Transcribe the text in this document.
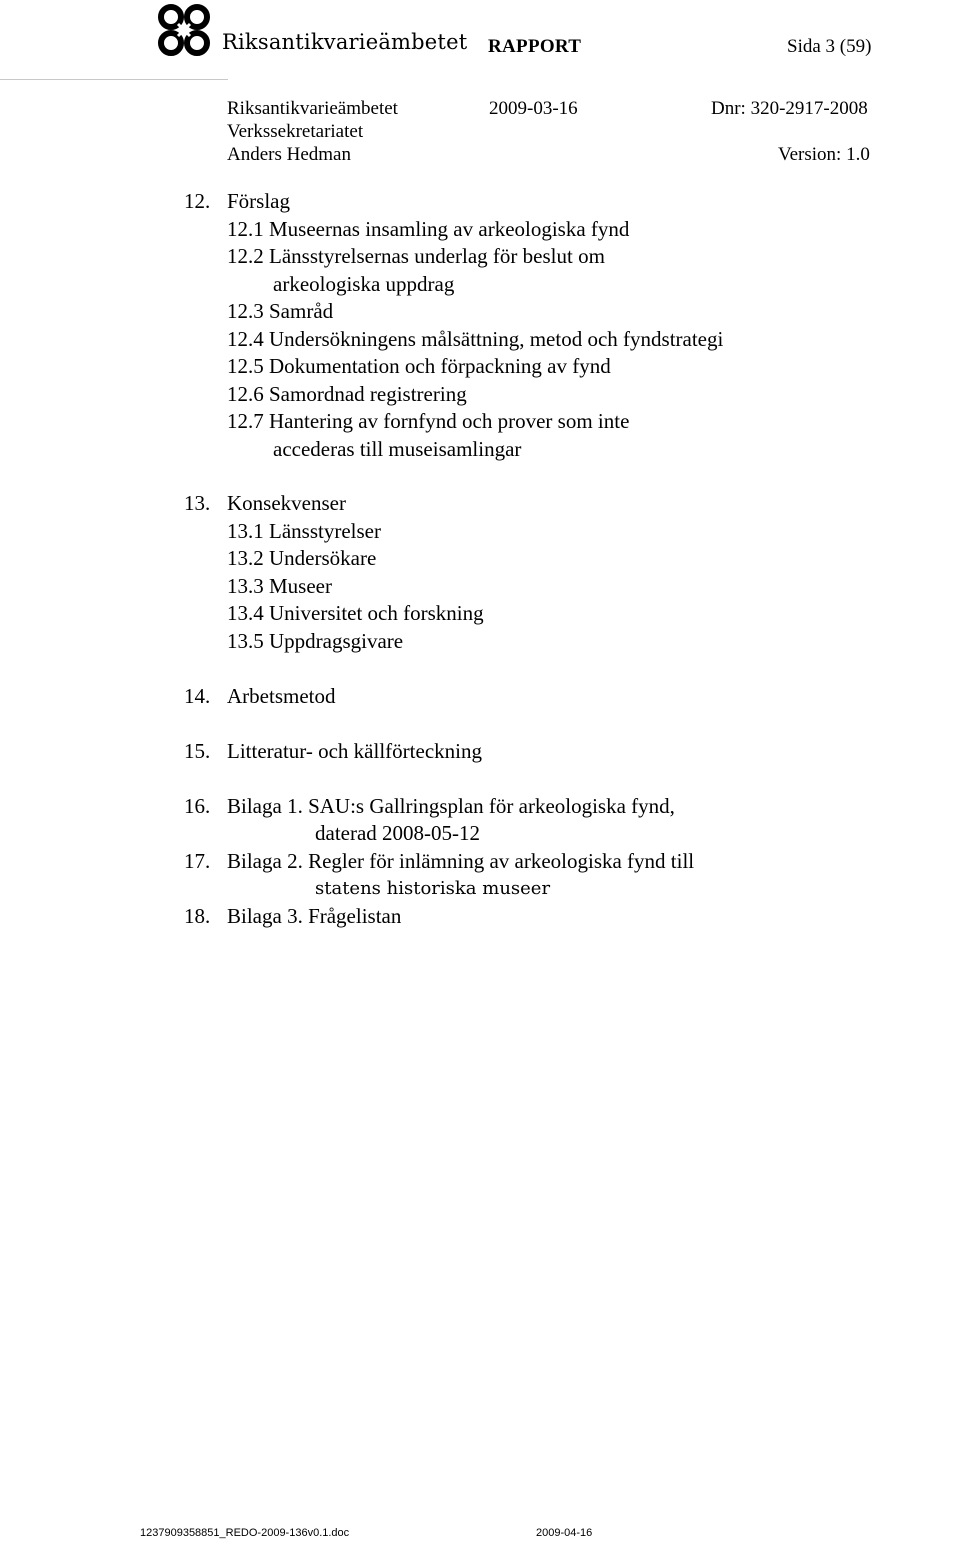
Riksantikvarieämbetet RAPPORT	Sida 3 (59)
Riksantikvarieämbetet	2009-03-16	Dnr: 320-2917-2008
Verkssekretariatet
Anders Hedman	Version: 1.0
12. Förslag
12.1 Museernas insamling av arkeologiska fynd
12.2 Länsstyrelsernas underlag för beslut om
arkeologiska uppdrag
12.3 Samråd
12.4 Undersökningens målsättning, metod och fyndstrategi
12.5 Dokumentation och förpackning av fynd
12.6 Samordnad registrering
12.7 Hantering av fornfynd och prover som inte
accederas till museisamlingar
13. Konsekvenser
13.1 Länsstyrelser
13.2 Undersökare
13.3 Museer
13.4 Universitet och forskning
13.5 Uppdragsgivare
14. Arbetsmetod
15. Litteratur- och källförteckning
16. Bilaga 1. SAU:s Gallringsplan för arkeologiska fynd,
daterad 2008-05-12
17. Bilaga 2. Regler för inlämning av arkeologiska fynd till
statens historiska museer
18. Bilaga 3. Frågelistan
1237909358851_REDO-2009-136v0.1.doc	2009-04-16
